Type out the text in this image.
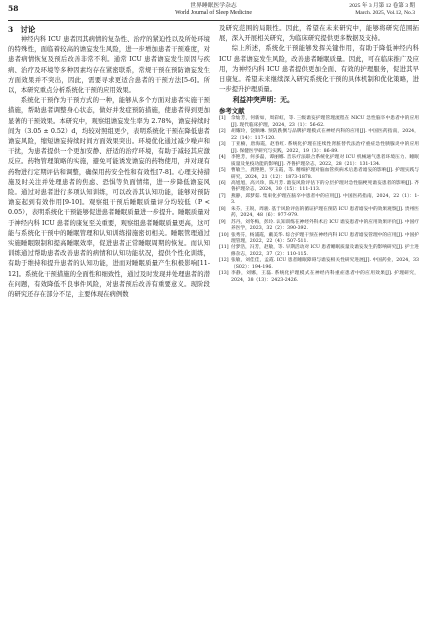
58	世界睡眠医学杂志
World Journal of Sleep Medicine
2025 年 3 月第 12 卷第 3 期
March. 2025, Vol.12, No.3
3　讨论

神经内科 ICU 患者因其病情的复杂性、治疗的紧迫性以及所处环境的特殊性，面临着较高的谵妄发生风险，进一步增加患者干预难度，对患者病情恢复及预后改善非常不利。通常 ICU 患者谵妄发生原因与疾病、治疗及环境等多种因素均存在紧密联系，常规干预在预防谵妄发生方面效果并不突出，因此，需要寻求更适合患者的干预方法[5-6]。所以，本研究重点分析系统化干预的应用效果。

系统化干预作为干预方式的一种，能够从多个方面对患者实施干预措施，帮助患者调整身心状态，做好并发症预防措施，使患者得到更加显著的干预效果。本研究中，观察组谵妄发生率为 2.78%，谵妄持续时间为（3.05 ± 0.52）d，均较对照组更少，表明系统化干预在降低患者谵妄风险，缩短谵妄持续时间方面效果突出。环境优化通过减少噪声和干扰，为患者提供一个更加安静、舒适的治疗环境，有助于减轻其应激反应。药物管理策略的实施，避免可能诱发谵妄的药物使用，并对现有药物进行定期评估和调整，确保用药安全性和有效性[7-8]。心理支持措施及时关注并处理患者的焦虑、恐惧等负面情绪，进一步降低谵妄风险。通过对患者进行多项认知训练，可以改善其认知功能，能够对预防谵妄起到有效作用[9-10]。观察组干预后睡眠质量评分均较低（P < 0.05），表明系统化干预能够促进患者睡眠质量进一步提升。睡眠质量对于神经内科 ICU 患者的康复至关重要，观察组患者睡眠质量更高，这可能与系统化干预中的睡眠管理和认知训练措施密切相关。睡眠管理通过实施睡眠限制和提高睡眠效率，促进患者正常睡眠周期的恢复。而认知训练通过帮助患者改善患者的病情和认知功能状况，提供个性化训练，有助于维持和提升患者的认知功能，进而对睡眠质量产生积极影响[11-12]。系统化干预措施的全面性和细致性，通过及时发现并处理患者的潜在问题，有效降低不良事件风险，对患者预后改善有重要意义。现阶段的研究还存在部分不足，主要体现在病例数

及研究范围的局限性。因此，希望在未来研究中，能够将研究范围拓展，深入开展相关研究，为临床研究提供更多数据及支持。

综上所述，系统化干预能够发挥关键作用，有助于降低神经内科 ICU 患者谵妄发生风险，改善患者睡眠质量。因此，可在临床推广及应用，为神经内科 ICU 患者提供更加全面、有效的护理服务，促进其早日康复。希望未来继续深入研究系统化干预的具体机制和优化策略，进一步提升护理质量。

利益冲突声明：无。

参考文献

[1]	佘灿芳，何新如，周彩虹，等. 三级谵妄护理管理流程在 NICU 急性脑卒中患者中的应用[J]. 现代临床护理，2024，23（1）：56-62.
[2]	胡耀玲，饶顺琳. 预防跌倒与品牌护理模式在神经内科的应用[J]. 中国医药指南，2024，22（14）：117-120.
[3]	丁亚楠，唐海霞，赵春红. 系统化护理在连续性肾脏替代法治疗重症急性胰腺炎中的应用[J]. 保健医学研究与实践，2022，19（3）：86-89.
[4]	李艳芳，何多磊，谭丽娜. 音乐疗法联合系统化护理对 ICU 机械通气患者环境压力、睡眠质量及免疫功能的影响[J]. 齐鲁护理杂志，2022，28（21）：131-134.
[5]	曹敏兰，龚艳艳，罗玉霞，等. 精细护理对脑血管疾病术后患者谵妄的影响[J]. 护理实践与研究，2024，21（12）：1873-1878.
[6]	高旭旭，高兴珍，陈月芳. 谵妄风险评估下的分层护理对急性脑梗死谵妄患者的影响[J]. 齐鲁护理杂志，2024，30（15）：111-113.
[7]	燕静，邱梦茹. 集束化护理在脑卒中患者中的应用[J]. 中国医药指南，2024，22（1）：1-3.
[8]	朱芬，王锐，周骏. 基于风险评估的循证护理在预防 ICU 患者谵妄中的效果观察[J]. 贵州医药，2024，48（6）：977-979.
[9]	苏丹，刘冬梅，彭玲. 认知训练在神经外科术后 ICU 谵妄患者中的应用效果评价[J]. 中国疗养医学，2023，32（2）：390-392.
[10] 张秀芬，杨浦霞，戴美华. 综合护理干预在神经内科 ICU 患者谵妄管理中的应用[J]. 中国护理管理，2022，22（4）：507-511.
[11] 付梦浩，冯芳，赵敏，等. 早期活动对 ICU 患者睡眠质量及谵妄发生的影响研究[J]. 护士进修杂志，2022，37（2）：110-115.
[12] 张敏，刘佳佳，孟霞. ICU 患者睡眠障碍与谵妄相关性研究进展[J]. 中国药业，2024，33（S02）：194-196.
[13] 李静，刘娜，王磊. 系统化护理模式在神经内科重症患者中的应用效果[J]. 护理研究，2024，38（13）：2423-2426.
